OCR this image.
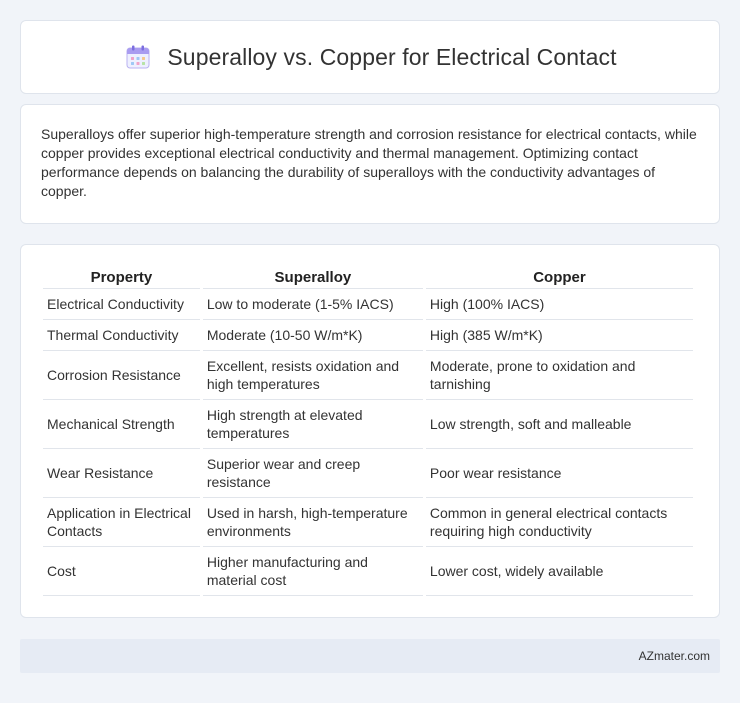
Superalloy vs. Copper for Electrical Contact

Superalloys offer superior high-temperature strength and corrosion resistance for electrical contacts, while copper provides exceptional electrical conductivity and thermal management. Optimizing contact performance depends on balancing the durability of superalloys with the conductivity advantages of copper.

Property	Superalloy	Copper
Electrical Conductivity	Low to moderate (1-5% IACS)	High (100% IACS)
Thermal Conductivity	Moderate (10-50 W/m*K)	High (385 W/m*K)
Corrosion Resistance	Excellent, resists oxidation and high temperatures	Moderate, prone to oxidation and tarnishing
Mechanical Strength	High strength at elevated temperatures	Low strength, soft and malleable
Wear Resistance	Superior wear and creep resistance	Poor wear resistance
Application in Electrical Contacts	Used in harsh, high-temperature environments	Common in general electrical contacts requiring high conductivity
Cost	Higher manufacturing and material cost	Lower cost, widely available
AZmater.com
